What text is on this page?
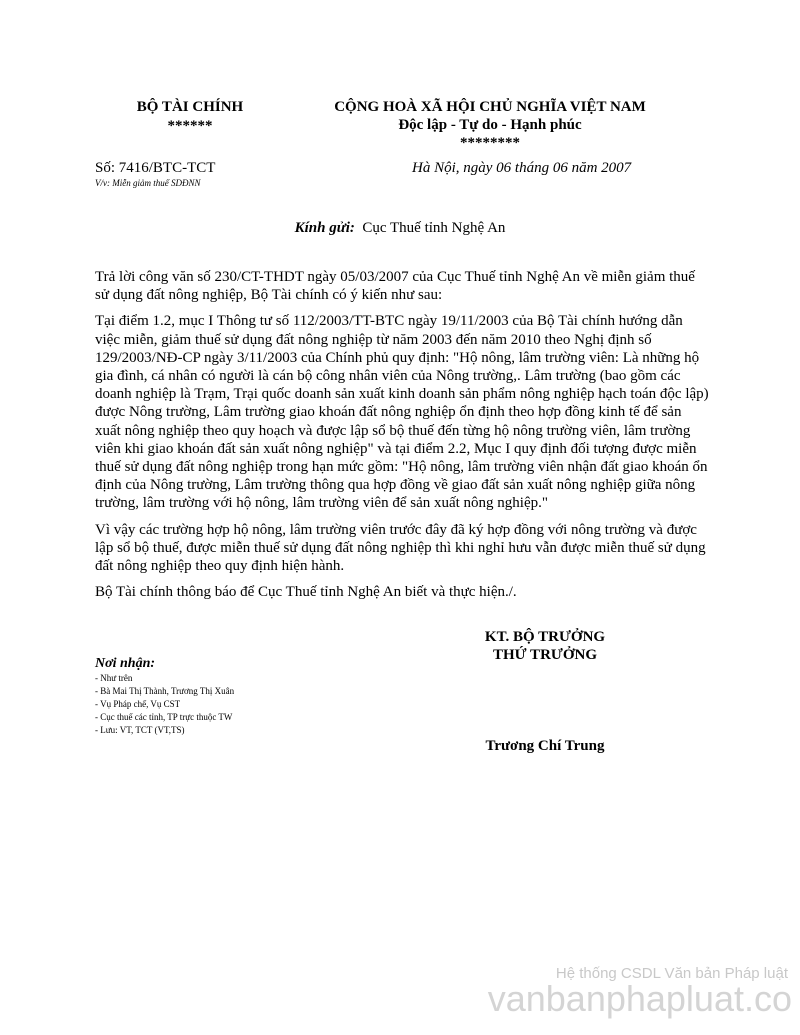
BỘ TÀI CHÍNH
******
CỘNG HOÀ XÃ HỘI CHỦ NGHĨA VIỆT NAM
Độc lập - Tự do - Hạnh phúc
********
Số: 7416/BTC-TCT
V/v: Miễn giảm thuế SDĐNN
Hà Nội, ngày 06 tháng 06 năm 2007
Kính gửi: Cục Thuế tỉnh Nghệ An

Trả lời công văn số 230/CT-THDT ngày 05/03/2007 của Cục Thuế tỉnh Nghệ An về miễn giảm thuế sử dụng đất nông nghiệp, Bộ Tài chính có ý kiến như sau:

Tại điểm 1.2, mục I Thông tư số 112/2003/TT-BTC ngày 19/11/2003 của Bộ Tài chính hướng dẫn việc miễn, giảm thuế sử dụng đất nông nghiệp từ năm 2003 đến năm 2010 theo Nghị định số 129/2003/NĐ-CP ngày 3/11/2003 của Chính phủ quy định: "Hộ nông, lâm trường viên: Là những hộ gia đình, cá nhân có người là cán bộ công nhân viên của Nông trường,. Lâm trường (bao gồm các doanh nghiệp là Trạm, Trại quốc doanh sản xuất kinh doanh sản phẩm nông nghiệp hạch toán độc lập) được Nông trường, Lâm trường giao khoán đất nông nghiệp ổn định theo hợp đồng kinh tế để sản xuất nông nghiệp theo quy hoạch và được lập sổ bộ thuế đến từng hộ nông trường viên, lâm trường viên khi giao khoán đất sản xuất nông nghiệp" và tại điểm 2.2, Mục I quy định đối tượng được miễn thuế sử dụng đất nông nghiệp trong hạn mức gồm: "Hộ nông, lâm trường viên nhận đất giao khoán ổn định của Nông trường, Lâm trường thông qua hợp đồng về giao đất sản xuất nông nghiệp giữa nông trường, lâm trường với hộ nông, lâm trường viên để sản xuất nông nghiệp."

Vì vậy các trường hợp hộ nông, lâm trường viên trước đây đã ký hợp đồng với nông trường và được lập sổ bộ thuế, được miễn thuế sử dụng đất nông nghiệp thì khi nghỉ hưu vẫn được miễn thuế sử dụng đất nông nghiệp theo quy định hiện hành.

Bộ Tài chính thông báo để Cục Thuế tỉnh Nghệ An biết và thực hiện./.

KT. BỘ TRƯỞNG
THỨ TRƯỞNG
Trương Chí Trung
Nơi nhận:
- Như trên
- Bà Mai Thị Thành, Trương Thị Xuân
- Vụ Pháp chế, Vụ CST
- Cục thuế các tỉnh, TP trực thuộc TW
- Lưu: VT, TCT (VT,TS)
Hệ thống CSDL Văn bản Pháp luật
vanbanphapluat.co
